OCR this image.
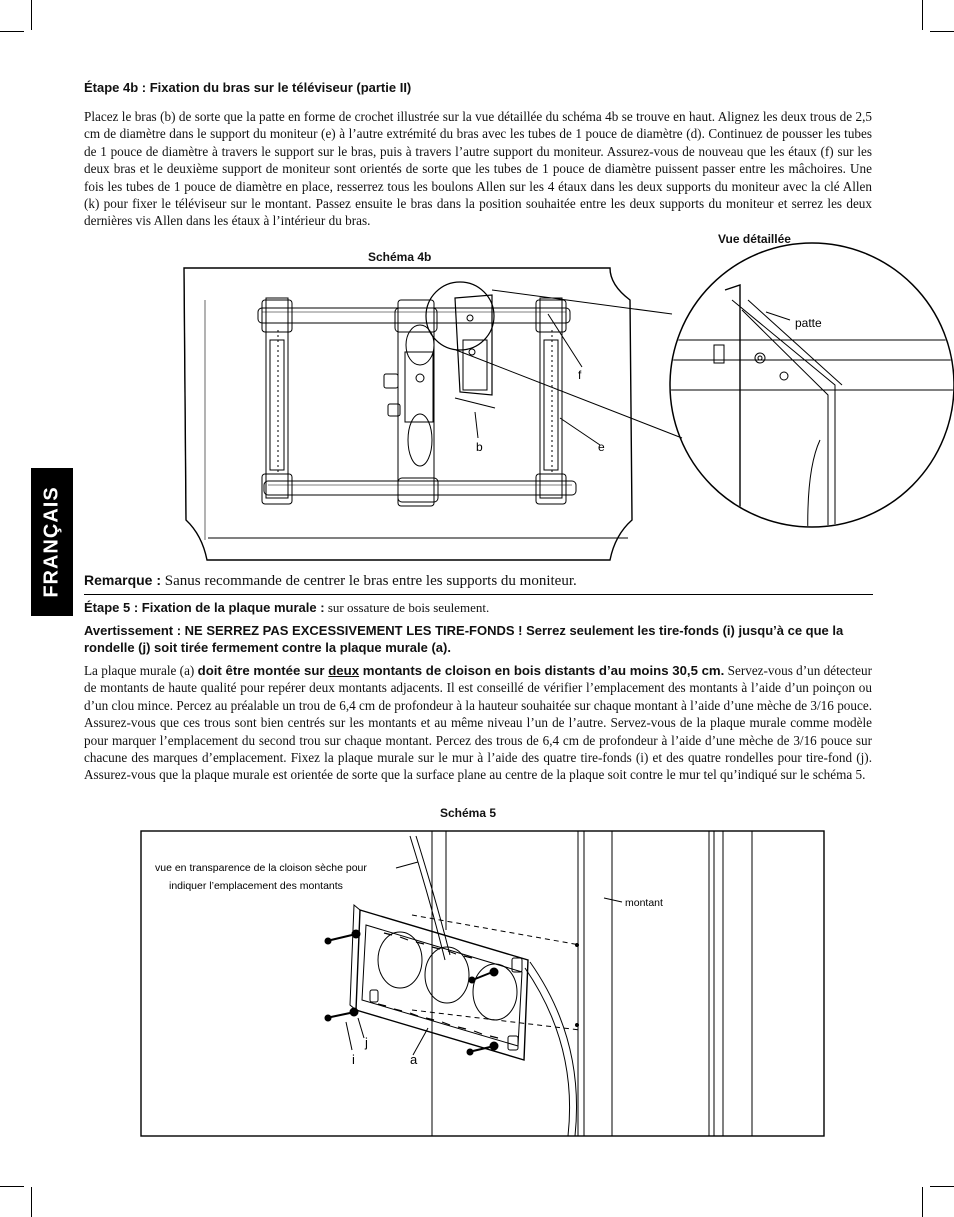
Étape 4b : Fixation du bras sur le téléviseur (partie II)

Placez le bras (b) de sorte que la patte en forme de crochet illustrée sur la vue détaillée du schéma 4b se trouve en haut. Alignez les deux trous de 2,5 cm de diamètre dans le support du moniteur (e) à l’autre extrémité du bras avec les tubes de 1 pouce de diamètre (d). Continuez de pousser les tubes de 1 pouce de diamètre à travers le support sur le bras, puis à travers l’autre support du moniteur. Assurez-vous de nouveau que les étaux (f) sur les deux bras et le deuxième support de moniteur sont orientés de sorte que les tubes de 1 pouce de diamètre puissent passer entre les mâchoires. Une fois les tubes de 1 pouce de diamètre en place, resserrez tous les boulons Allen sur les 4 étaux dans les deux supports du moniteur avec la clé Allen (k) pour fixer le téléviseur sur le montant. Passez ensuite le bras dans la position souhaitée entre les deux supports du moniteur et serrez les deux dernières vis Allen dans les étaux à l’intérieur du bras.

Vue détaillée
Schéma 4b
f
b	e
patte
FRANÇAIS Remarque : Sanus recommande de centrer le bras entre les supports du moniteur.
Étape 5 : Fixation de la plaque murale : sur ossature de bois seulement.
Avertissement : NE SERREZ PAS EXCESSIVEMENT LES TIRE-FONDS ! Serrez seulement les tire-fonds (i) jusqu’à ce que la rondelle (j) soit tirée fermement contre la plaque murale (a).

La plaque murale (a) doit être montée sur deux montants de cloison en bois distants d’au moins 30,5 cm. Servez-vous d’un détecteur de montants de haute qualité pour repérer deux montants adjacents. Il est conseillé de vérifier l’emplacement des montants à l’aide d’un poinçon ou d’un clou mince. Percez au préalable un trou de 6,4 cm de profondeur à la hauteur souhaitée sur chaque montant à l’aide d’une mèche de 3/16 pouce. Assurez-vous que ces trous sont bien centrés sur les montants et au même niveau l’un de l’autre. Servez-vous de la plaque murale comme modèle pour marquer l’emplacement du second trou sur chaque montant. Percez des trous de 6,4 cm de profondeur à l’aide d’une mèche de 3/16 pouce sur chacune des marques d’emplacement. Fixez la plaque murale sur le mur à l’aide des quatre tire-fonds (i) et des quatre rondelles pour tire-fond (j). Assurez-vous que la plaque murale est orientée de sorte que la surface plane au centre de la plaque soit contre le mur tel qu’indiqué sur le schéma 5.

Schéma 5
vue en transparence de la cloison sèche pour
indiquer l’emplacement des montants
montant
i
j
a
